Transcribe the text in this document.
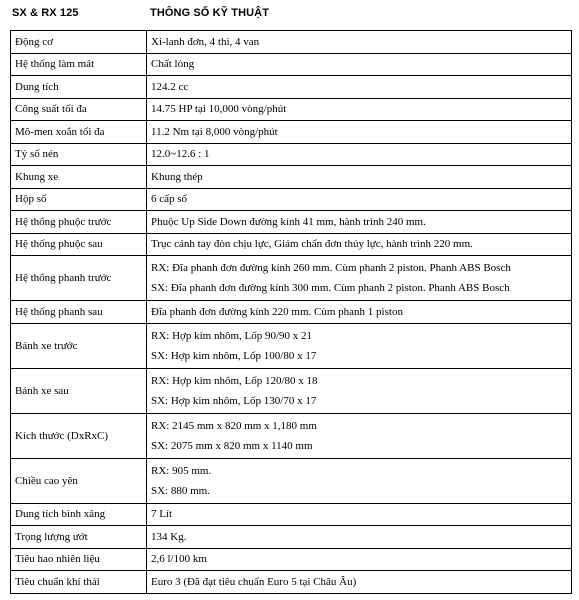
SX & RX 125	THÔNG SỐ KỸ THUẬT
Động cơ	Xi-lanh đơn, 4 thì, 4 van

Hệ thống làm mát	Chất lỏng

Dung tích	124.2 cc

Công suất tối đa	14.75 HP tại 10,000 vòng/phút

Mô-men xoắn tối đa	11.2 Nm tại 8,000 vòng/phút

Tỷ số nén	12.0~12.6 : 1

Khung xe	Khung thép

Hộp số	6 cấp số

Hệ thống phuộc trước	Phuộc Up Side Down đường kính 41 mm, hành trình 240 mm.

Hệ thống phuộc sau	Trục cánh tay đòn chịu lực, Giảm chấn đơn thủy lực, hành trình 220 mm.

Hệ thống phanh trước	RX: Đĩa phanh đơn đường kính 260 mm. Cùm phanh 2 piston. Phanh ABS Bosch
SX: Đĩa phanh đơn đường kính 300 mm. Cùm phanh 2 piston. Phanh ABS Bosch

Hệ thống phanh sau	Đĩa phanh đơn đường kính 220 mm. Cùm phanh 1 piston

Bánh xe trước	RX: Hợp kim nhôm, Lốp 90/90 x 21
SX: Hợp kim nhôm, Lốp 100/80 x 17

Bánh xe sau	RX: Hợp kim nhôm, Lốp 120/80 x 18
SX: Hợp kim nhôm, Lốp 130/70 x 17

Kích thước (DxRxC)	RX: 2145 mm x 820 mm x 1,180 mm
SX: 2075 mm x 820 mm x 1140 mm

Chiều cao yên	RX: 905 mm.
SX: 880 mm.

Dung tích bình xăng	7 Lít

Trọng lượng ướt	134 Kg.

Tiêu hao nhiên liệu	2,6 l/100 km

Tiêu chuẩn khí thải	Euro 3 (Đã đạt tiêu chuẩn Euro 5 tại Châu Âu)
